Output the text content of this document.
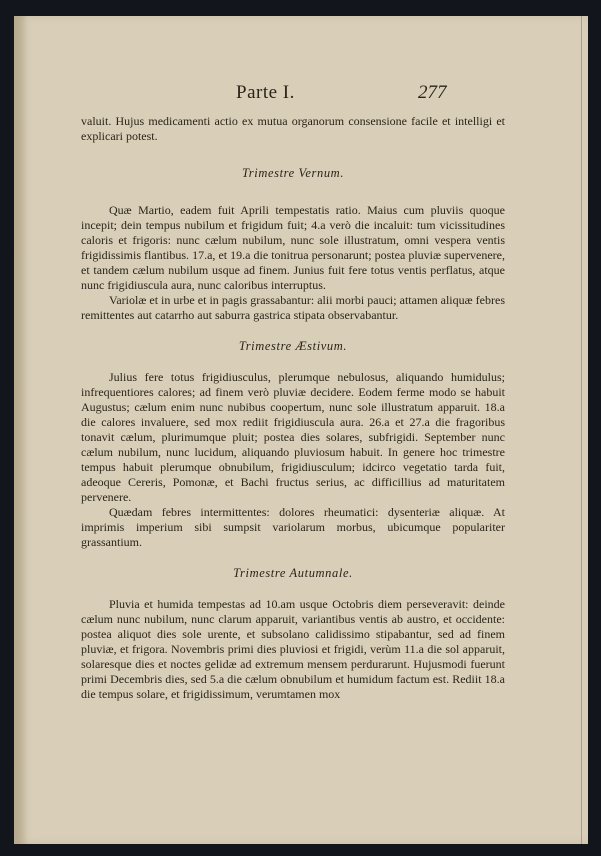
Parte I.	277

valuit. Hujus medicamenti actio ex mutua organorum consensione facile et intelligi et explicari potest.

Trimestre Vernum.

Quæ Martio, eadem fuit Aprili tempestatis ratio. Maius cum pluviis quoque incepit; dein tempus nubilum et frigidum fuit; 4.a verò die incaluit: tum vicissitudines caloris et frigoris: nunc cælum nubilum, nunc sole illustratum, omni vespera ventis frigidissimis flantibus. 17.a, et 19.a die tonitrua personarunt; postea pluviæ supervenere, et tandem cælum nubilum usque ad finem. Junius fuit fere totus ventis perflatus, atque nunc frigidiuscula aura, nunc caloribus interruptus.

Variolæ et in urbe et in pagis grassabantur: alii morbi pauci; attamen aliquæ febres remittentes aut catarrho aut saburra gastrica stipata observabantur.

Trimestre Æstivum.

Julius fere totus frigidiusculus, plerumque nebulosus, aliquando humidulus; infrequentiores calores; ad finem verò pluviæ decidere. Eodem ferme modo se habuit Augustus; cælum enim nunc nubibus coopertum, nunc sole illustratum apparuit. 18.a die calores invaluere, sed mox rediit frigidiuscula aura. 26.a et 27.a die fragoribus tonavit cælum, plurimumque pluit; postea dies solares, subfrigidi. September nunc cælum nubilum, nunc lucidum, aliquando pluviosum habuit. In genere hoc trimestre tempus habuit plerumque obnubilum, frigidiusculum; idcirco vegetatio tarda fuit, adeoque Cereris, Pomonæ, et Bachi fructus serius, ac difficillius ad maturitatem pervenere.

Quædam febres intermittentes: dolores rheumatici: dysenteriæ aliquæ. At imprimis imperium sibi sumpsit variolarum morbus, ubicumque populariter grassantium.

Trimestre Autumnale.

Pluvia et humida tempestas ad 10.am usque Octobris diem perseveravit: deinde cælum nunc nubilum, nunc clarum apparuit, variantibus ventis ab austro, et occidente: postea aliquot dies sole urente, et subsolano calidissimo stipabantur, sed ad finem pluviæ, et frigora. Novembris primi dies pluviosi et frigidi, verùm 11.a die sol apparuit, solaresque dies et noctes gelidæ ad extremum mensem perdurarunt. Hujusmodi fuerunt primi Decembris dies, sed 5.a die cælum obnubilum et humidum factum est. Rediit 18.a die tempus solare, et frigidissimum, verumtamen mox
